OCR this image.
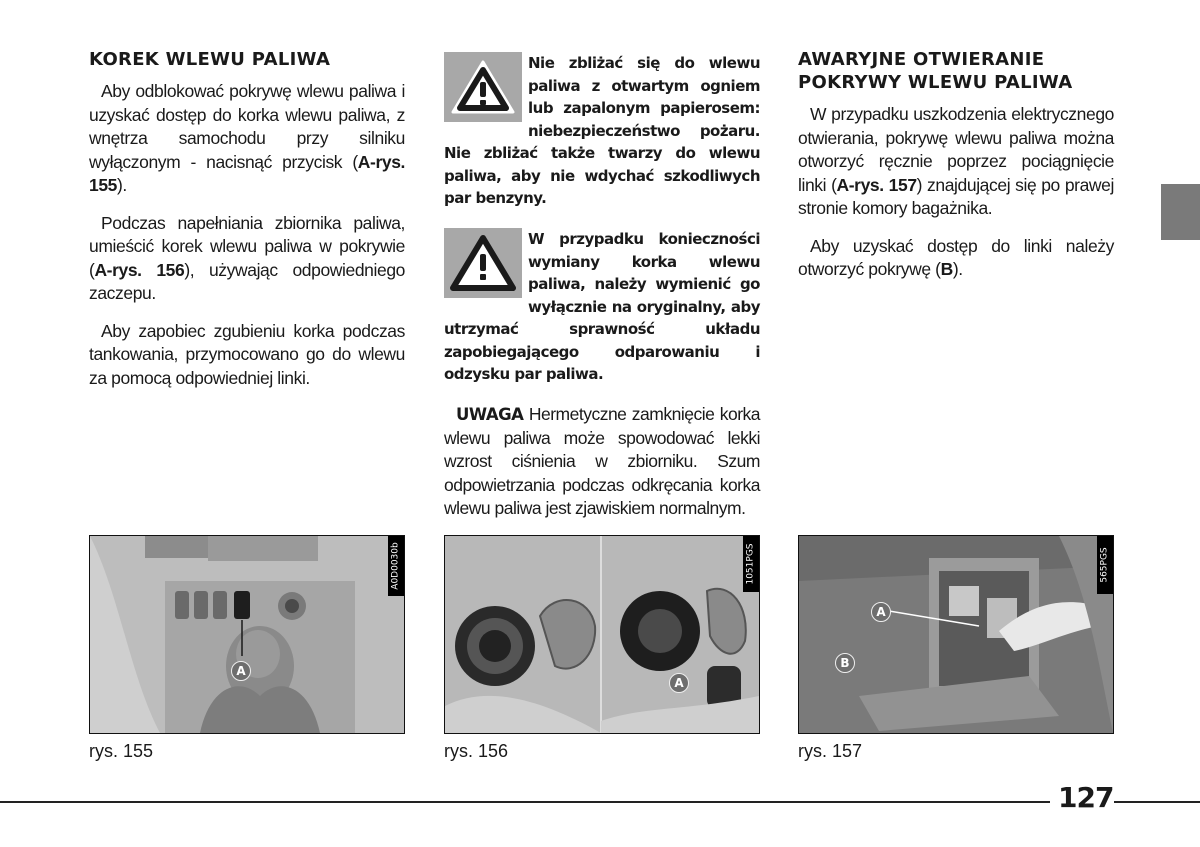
KOREK WLEWU PALIWA

Aby odblokować pokrywę wlewu paliwa i uzyskać dostęp do korka wlewu paliwa, z wnętrza samochodu przy silniku wyłączonym - nacisnąć przycisk (A-rys. 155).

Podczas napełniania zbiornika paliwa, umieścić korek wlewu paliwa w pokrywie (A-rys. 156), używając odpowiedniego zaczepu.

Aby zapobiec zgubieniu korka podczas tankowania, przymocowano go do wlewu za pomocą odpowiedniej linki.

Nie zbliżać się do wlewu paliwa z otwartym ogniem lub zapalonym papierosem: niebezpieczeństwo pożaru. Nie zbliżać także twarzy do wlewu paliwa, aby nie wdychać szkodliwych par benzyny.

W przypadku konieczności wymiany korka wlewu paliwa, należy wymienić go wyłącznie na oryginalny, aby utrzymać sprawność układu zapobiegającego odparowaniu i odzysku par paliwa.

UWAGA Hermetyczne zamknięcie korka wlewu paliwa może spowodować lekki wzrost ciśnienia w zbiorniku. Szum odpowietrzania podczas odkręcania korka wlewu paliwa jest zjawiskiem normalnym.

AWARYJNE OTWIERANIE
POKRYWY WLEWU PALIWA

W przypadku uszkodzenia elektrycznego otwierania, pokrywę wlewu paliwa można otworzyć ręcznie poprzez pociągnięcie linki (A-rys. 157) znajdującej się po prawej stronie komory bagażnika.

Aby uzyskać dostęp do linki należy otworzyć pokrywę (B).

A
A0D0030b
A
1051PGS
A
B
565PGS

rys. 155	rys. 156	rys. 157

127
